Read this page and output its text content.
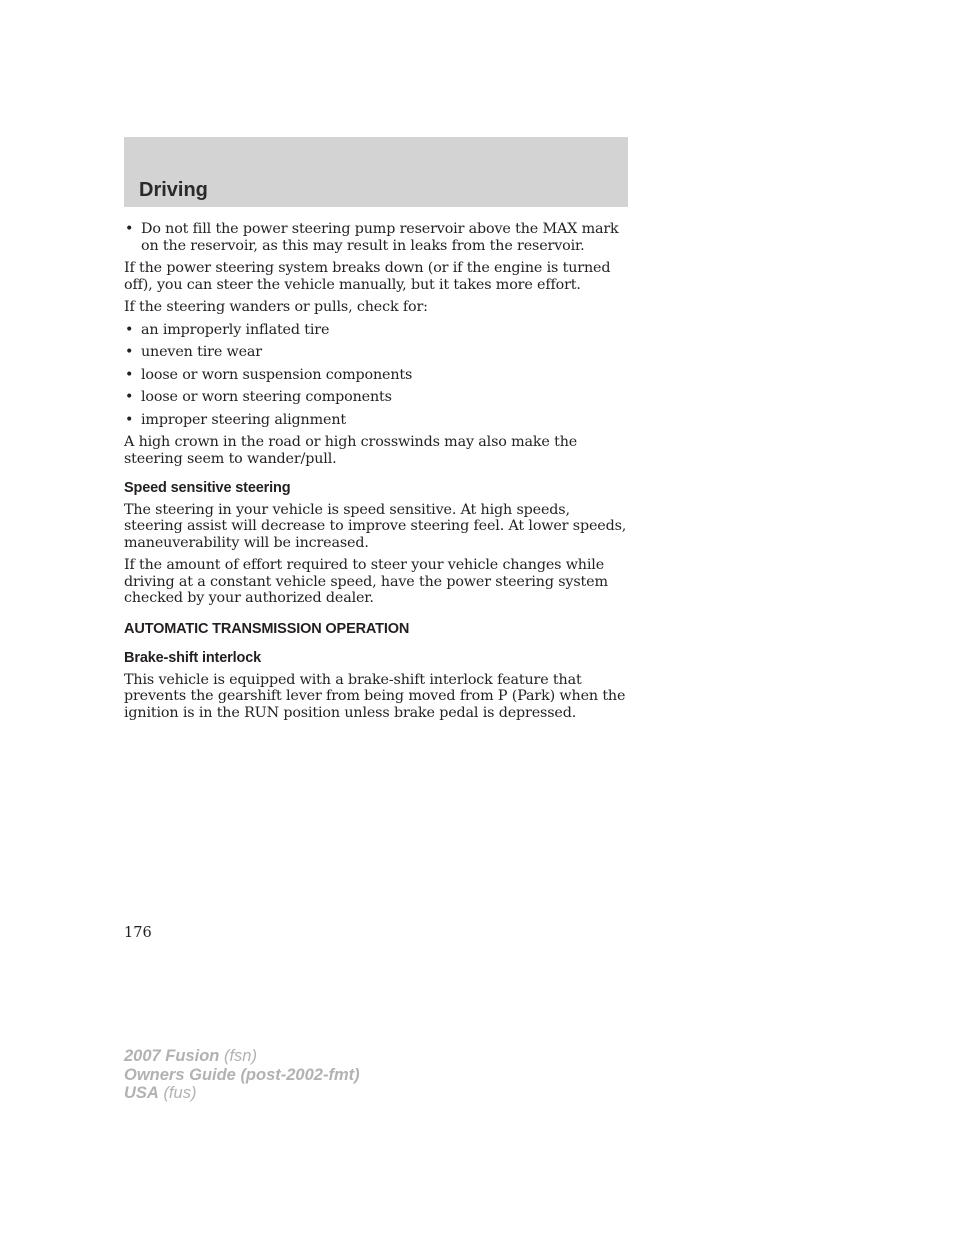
Driving
• Do not fill the power steering pump reservoir above the MAX mark on the reservoir, as this may result in leaks from the reservoir.

If the power steering system breaks down (or if the engine is turned off), you can steer the vehicle manually, but it takes more effort.

If the steering wanders or pulls, check for:

• an improperly inflated tire
• uneven tire wear
• loose or worn suspension components
• loose or worn steering components
• improper steering alignment

A high crown in the road or high crosswinds may also make the steering seem to wander/pull.

Speed sensitive steering

The steering in your vehicle is speed sensitive. At high speeds, steering assist will decrease to improve steering feel. At lower speeds, maneuverability will be increased.

If the amount of effort required to steer your vehicle changes while driving at a constant vehicle speed, have the power steering system checked by your authorized dealer.

AUTOMATIC TRANSMISSION OPERATION
Brake-shift interlock

This vehicle is equipped with a brake-shift interlock feature that prevents the gearshift lever from being moved from P (Park) when the ignition is in the RUN position unless brake pedal is depressed.

176
2007 Fusion (fsn)
Owners Guide (post-2002-fmt)
USA (fus)
